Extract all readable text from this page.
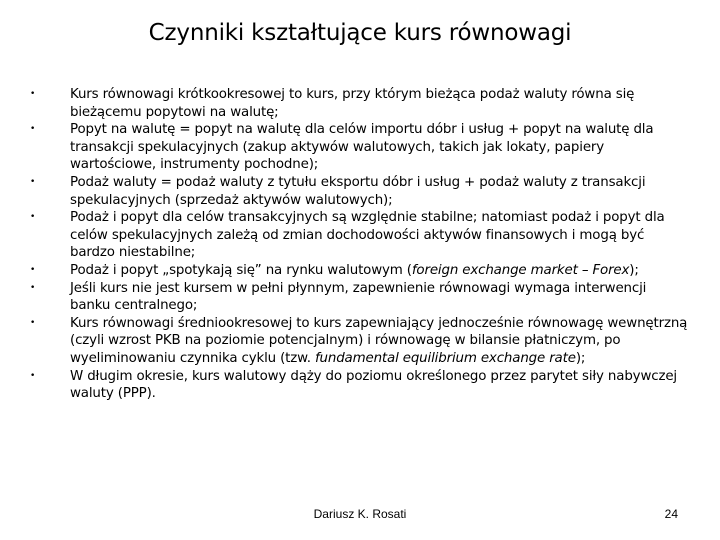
Czynniki kształtujące kurs równowagi
•	Kurs równowagi krótkookresowej to kurs, przy którym bieżąca podaż waluty równa się bieżącemu popytowi na walutę;
•	Popyt na walutę = popyt na walutę dla celów importu dóbr i usług + popyt na walutę dla transakcji spekulacyjnych (zakup aktywów walutowych, takich jak lokaty, papiery wartościowe, instrumenty pochodne);
•	Podaż waluty = podaż waluty z tytułu eksportu dóbr i usług + podaż waluty z transakcji spekulacyjnych (sprzedaż aktywów walutowych);
•	Podaż i popyt dla celów transakcyjnych są względnie stabilne; natomiast podaż i popyt dla celów spekulacyjnych zależą od zmian dochodowości aktywów finansowych i mogą być bardzo niestabilne;
•	Podaż i popyt „spotykają się” na rynku walutowym (foreign exchange market – Forex);
•	Jeśli kurs nie jest kursem w pełni płynnym, zapewnienie równowagi wymaga interwencji banku centralnego;
•	Kurs równowagi średniookresowej to kurs zapewniający jednocześnie równowagę wewnętrzną (czyli wzrost PKB na poziomie potencjalnym) i równowagę w bilansie płatniczym, po wyeliminowaniu czynnika cyklu (tzw. fundamental equilibrium exchange rate);
•	W długim okresie, kurs walutowy dąży do poziomu określonego przez parytet siły nabywczej waluty (PPP).
Dariusz K. Rosati	24
